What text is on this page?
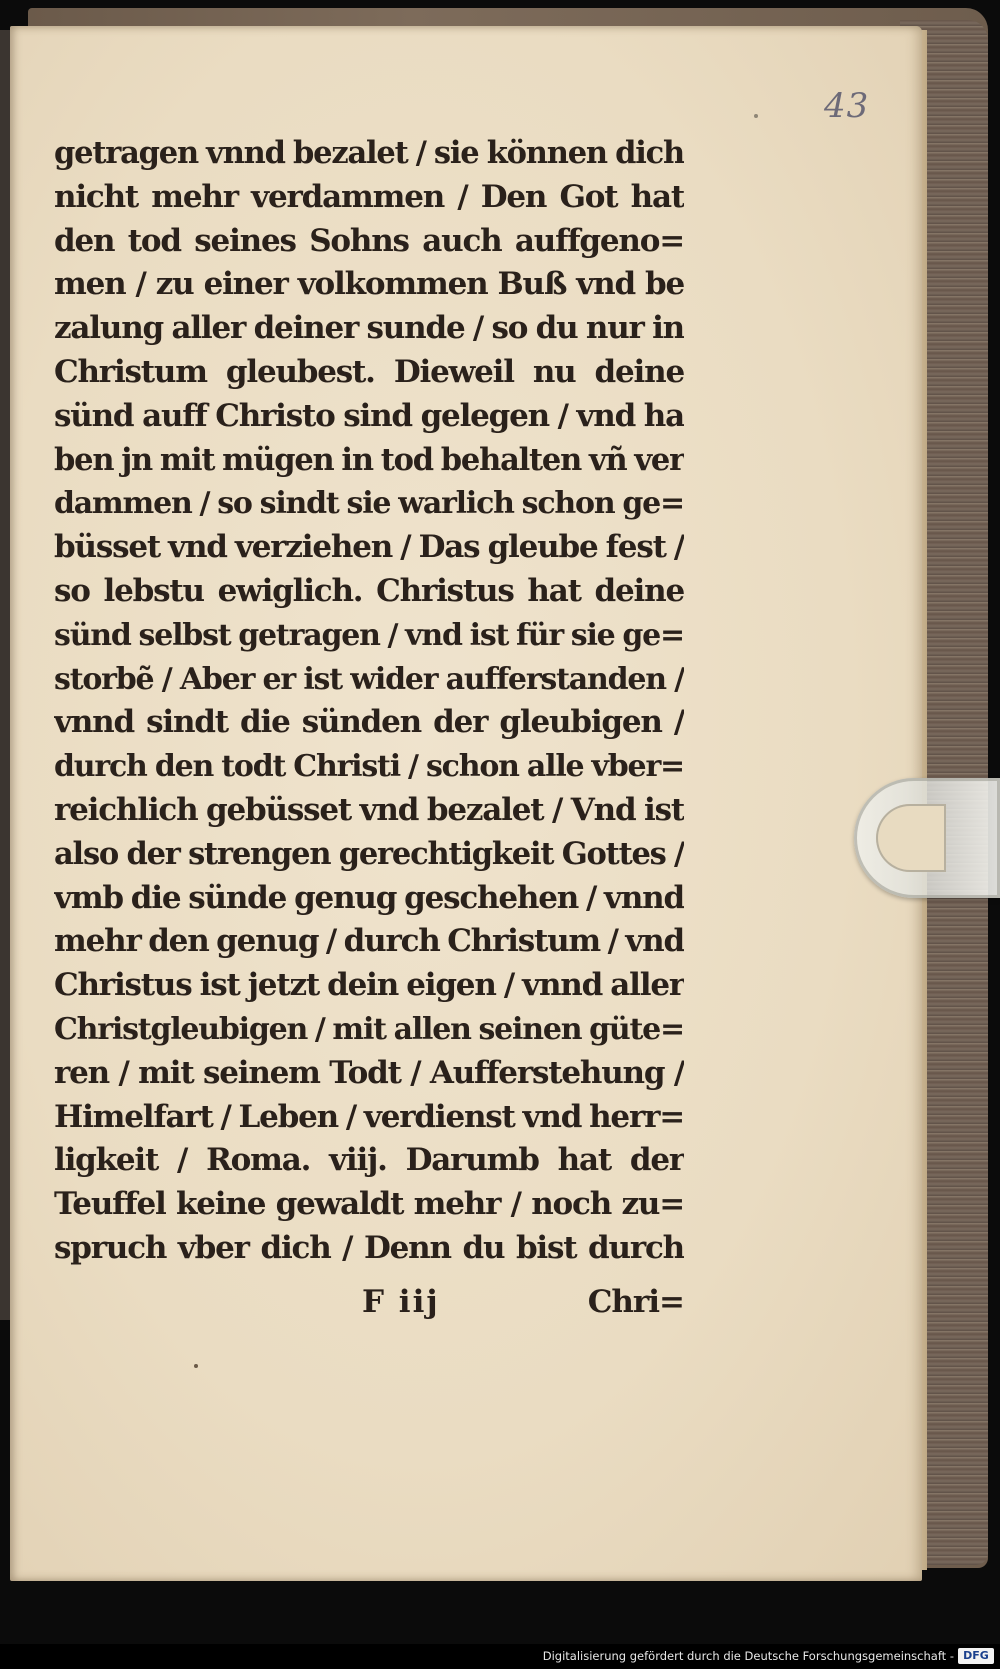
43
getragen vnnd bezalet / sie können dich
nicht mehr verdammen / Den Got hat
den tod seines Sohns auch auffgeno=
men / zu einer volkommen Buß vnd be
zalung aller deiner sunde / so du nur in
Christum gleubest. Dieweil nu deine
sünd auff Christo sind gelegen / vnd ha
ben jn mit mügen in tod behalten vñ ver
dammen / so sindt sie warlich schon ge=
büsset vnd verziehen / Das gleube fest /
so lebstu ewiglich. Christus hat deine
sünd selbst getragen / vnd ist für sie ge=
storbẽ / Aber er ist wider aufferstanden /
vnnd sindt die sünden der gleubigen /
durch den todt Christi / schon alle vber=
reichlich gebüsset vnd bezalet / Vnd ist
also der strengen gerechtigkeit Gottes /
vmb die sünde genug geschehen / vnnd
mehr den genug / durch Christum / vnd
Christus ist jetzt dein eigen / vnnd aller
Christgleubigen / mit allen seinen güte=
ren / mit seinem Todt / Aufferstehung /
Himelfart / Leben / verdienst vnd herr=
ligkeit / Roma. viij. Darumb hat der
Teuffel keine gewaldt mehr / noch zu=
spruch vber dich / Denn du bist durch
F iij	Chri=
Digitalisierung gefördert durch die Deutsche Forschungsgemeinschaft - DFG
